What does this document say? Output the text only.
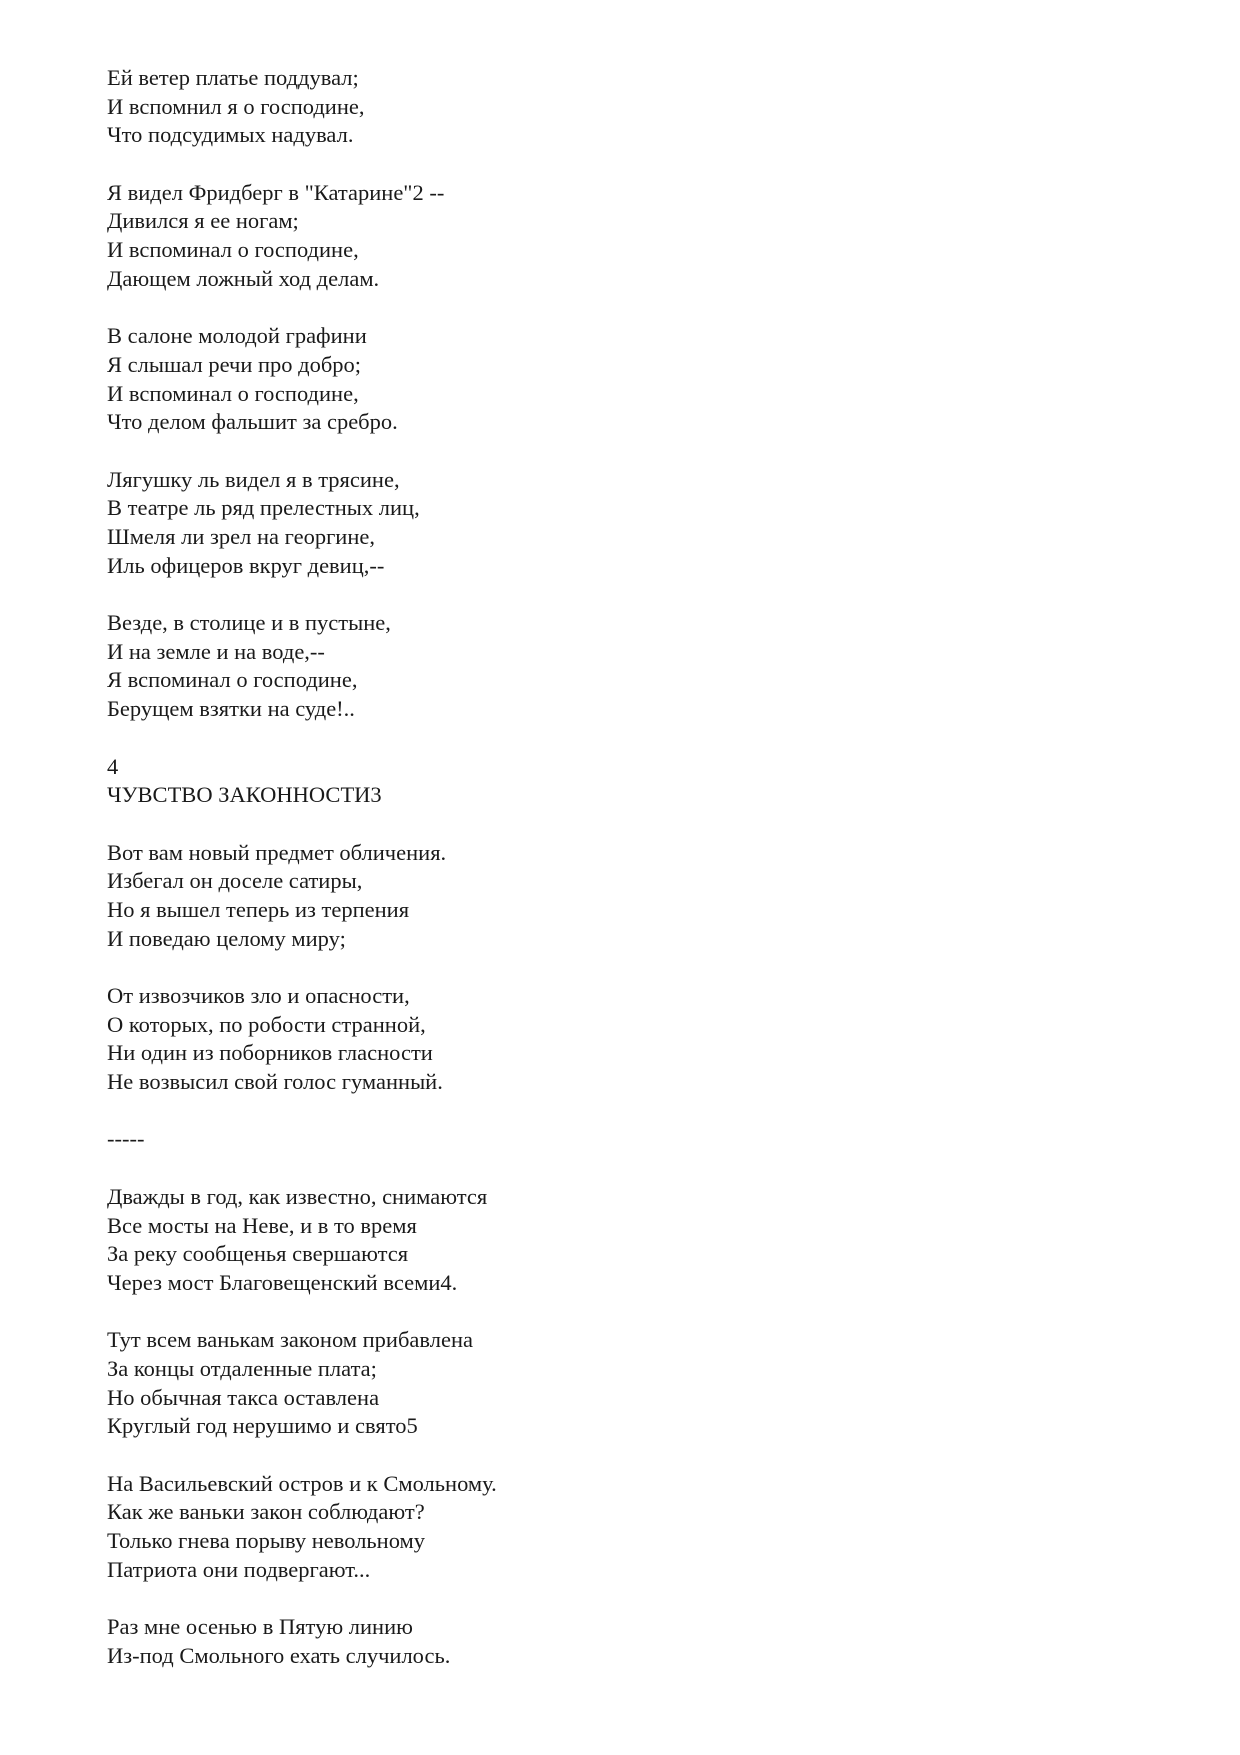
Ей ветер платье поддувал;
И вспомнил я о господине,
Что подсудимых надувал.
Я видел Фридберг в "Катарине"2 --
Дивился я ее ногам;
И вспоминал о господине,
Дающем ложный ход делам.
В салоне молодой графини
Я слышал речи про добро;
И вспоминал о господине,
Что делом фальшит за сребро.
Лягушку ль видел я в трясине,
В театре ль ряд прелестных лиц,
Шмеля ли зрел на георгине,
Иль офицеров вкруг девиц,--
Везде, в столице и в пустыне,
И на земле и на воде,--
Я вспоминал о господине,
Берущем взятки на суде!..
4
ЧУВСТВО ЗАКОННОСТИ3
Вот вам новый предмет обличения.
Избегал он доселе сатиры,
Но я вышел теперь из терпения
И поведаю целому миру;
От извозчиков зло и опасности,
О которых, по робости странной,
Ни один из поборников гласности
Не возвысил свой голос гуманный.
-----
Дважды в год, как известно, снимаются
Все мосты на Неве, и в то время
За реку сообщенья свершаются
Через мост Благовещенский всеми4.
Тут всем ванькам законом прибавлена
За концы отдаленные плата;
Но обычная такса оставлена
Круглый год нерушимо и свято5
На Васильевский остров и к Смольному.
Как же ваньки закон соблюдают?
Только гнева порыву невольному
Патриота они подвергают...
Раз мне осенью в Пятую линию
Из-под Смольного ехать случилось.
